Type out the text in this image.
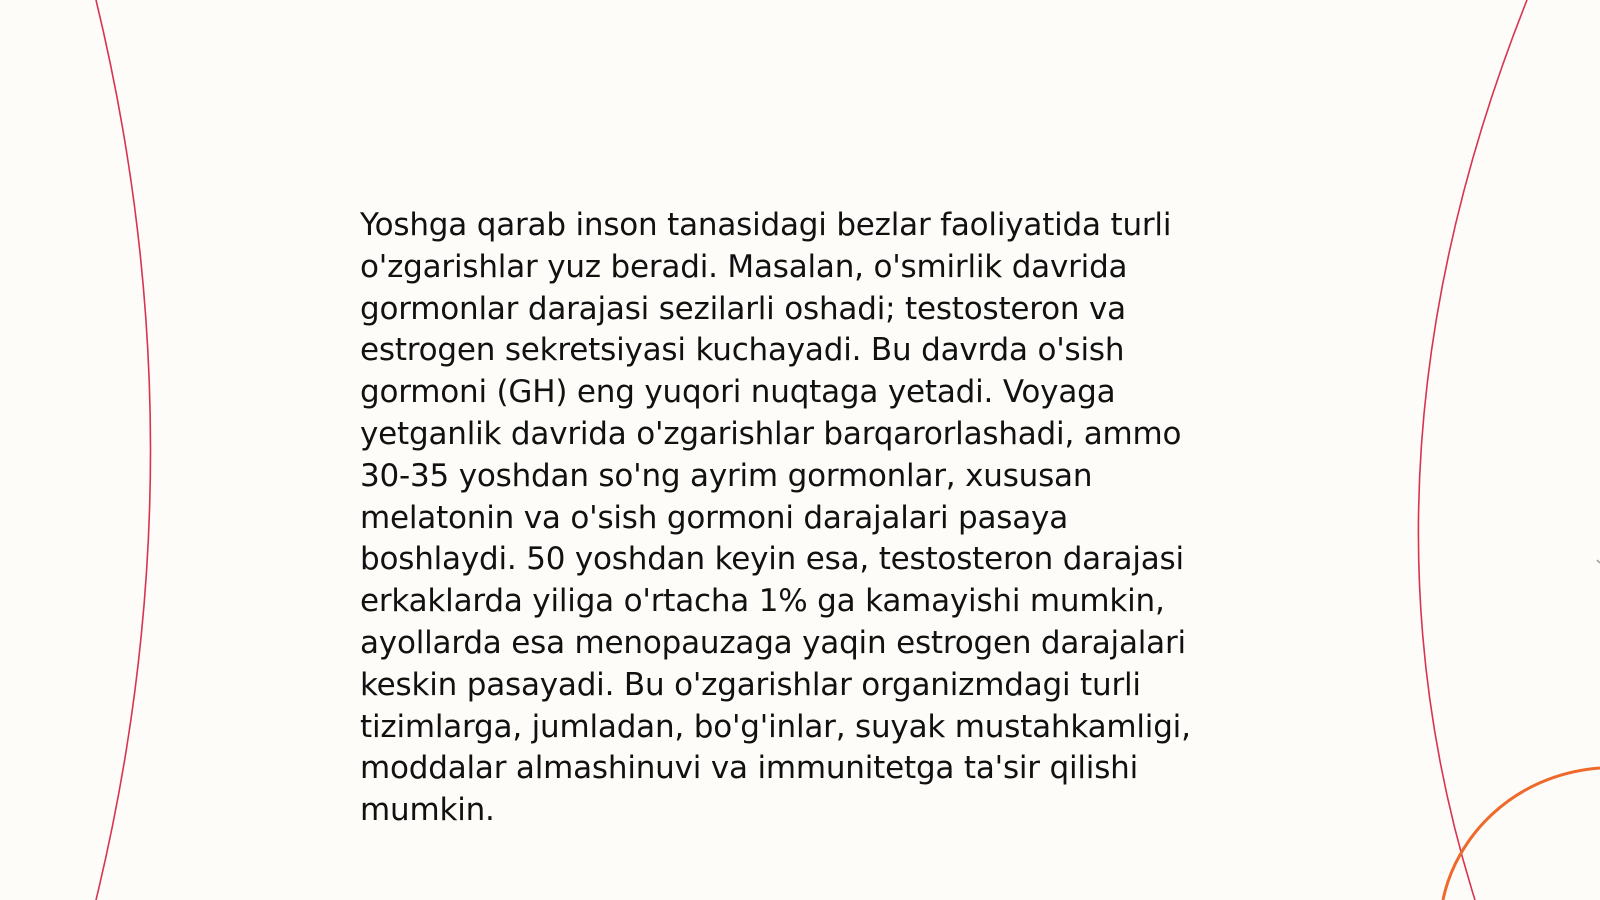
Yoshga qarab inson tanasidagi bezlar faoliyatida turli
o'zgarishlar yuz beradi. Masalan, o'smirlik davrida
gormonlar darajasi sezilarli oshadi; testosteron va
estrogen sekretsiyasi kuchayadi. Bu davrda o'sish
gormoni (GH) eng yuqori nuqtaga yetadi. Voyaga
yetganlik davrida o'zgarishlar barqarorlashadi, ammo
30-35 yoshdan so'ng ayrim gormonlar, xususan
melatonin va o'sish gormoni darajalari pasaya
boshlaydi. 50 yoshdan keyin esa, testosteron darajasi
erkaklarda yiliga o'rtacha 1% ga kamayishi mumkin,
ayollarda esa menopauzaga yaqin estrogen darajalari
keskin pasayadi. Bu o'zgarishlar organizmdagi turli
tizimlarga, jumladan, bo'g'inlar, suyak mustahkamligi,
moddalar almashinuvi va immunitetga ta'sir qilishi
mumkin.
